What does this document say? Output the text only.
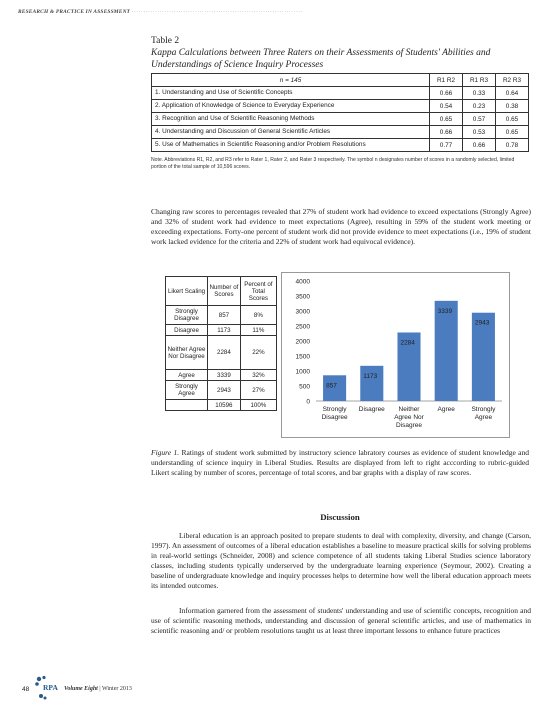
RESEARCH & PRACTICE IN ASSESSMENT ·········································································
Table 2
Kappa Calculations between Three Raters on their Assessments of Students' Abilities and Understandings of Science Inquiry Processes
n = 145	R1 R2	R1 R3	R2 R3
1. Understanding and Use of Scientific Concepts	0.66	0.33	0.64
2. Application of Knowledge of Science to Everyday Experience	0.54	0.23	0.38
3. Recognition and Use of Scientific Reasoning Methods	0.65	0.57	0.65
4. Understanding and Discussion of General Scientific Articles	0.66	0.53	0.65
5. Use of Mathematics in Scientific Reasoning and/or Problem Resolutions	0.77	0.66	0.78
Note. Abbreviations R1, R2, and R3 refer to Rater 1, Rater 2, and Rater 3 respectively. The symbol n designates number of scores in a randomly selected, limited portion of the total sample of 10,596 scores.
Changing raw scores to percentages revealed that 27% of student work had evidence to exceed expectations (Strongly Agree) and 32% of student work had evidence to meet expectations (Agree), resulting in 59% of the student work meeting or exceeding expectations. Forty-one percent of student work did not provide evidence to meet expectations (i.e., 19% of student work lacked evidence for the criteria and 22% of student work had equivocal evidence).
Likert Scaling	Number of Scores	Percent of Total Scores
Strongly Disagree	857	8%
Disagree	1173	11%
Neither Agree Nor Disagree	2284	22%
Agree	3339	32%
Strongly Agree	2943	27%
	10596	100%	0
500
1000
1500
2000
2500
3000
3500
4000
857
1173
2284
3339
2943
Strongly Disagree
Disagree	Neither Agree Nor Disagree
Agree	Strongly Agree
Figure 1. Ratings of student work submitted by instructory science labratory courses as evidence of student knowledge and understanding of science inquiry in Liberal Studies. Results are displayed from left to right acccording to rubric-guided Likert scaling by number of scores, percentage of total scores, and bar graphs with a display of raw scores.
Discussion
Liberal education is an approach posited to prepare students to deal with complexity, diversity, and change (Carson, 1997). An assessment of outcomes of a liberal education establishes a baseline to measure practical skills for solving problems in real-world settings (Schneider, 2008) and science competence of all students taking Liberal Studies science laboratory classes, including students typically underserved by the undergraduate learning experience (Seymour, 2002). Creating a baseline of undergraduate knowledge and inquiry processes helps to determine how well the liberal education approach meets its intended outcomes.
Information garnered from the assessment of students' understanding and use of scientific concepts, recognition and use of scientific reasoning methods, understanding and discussion of general scientific articles, and use of mathematics in scientific reasoning and/ or problem resolutions taught us at least three important lessons to enhance future practices
48 RPA Volume Eight | Winter 2013
